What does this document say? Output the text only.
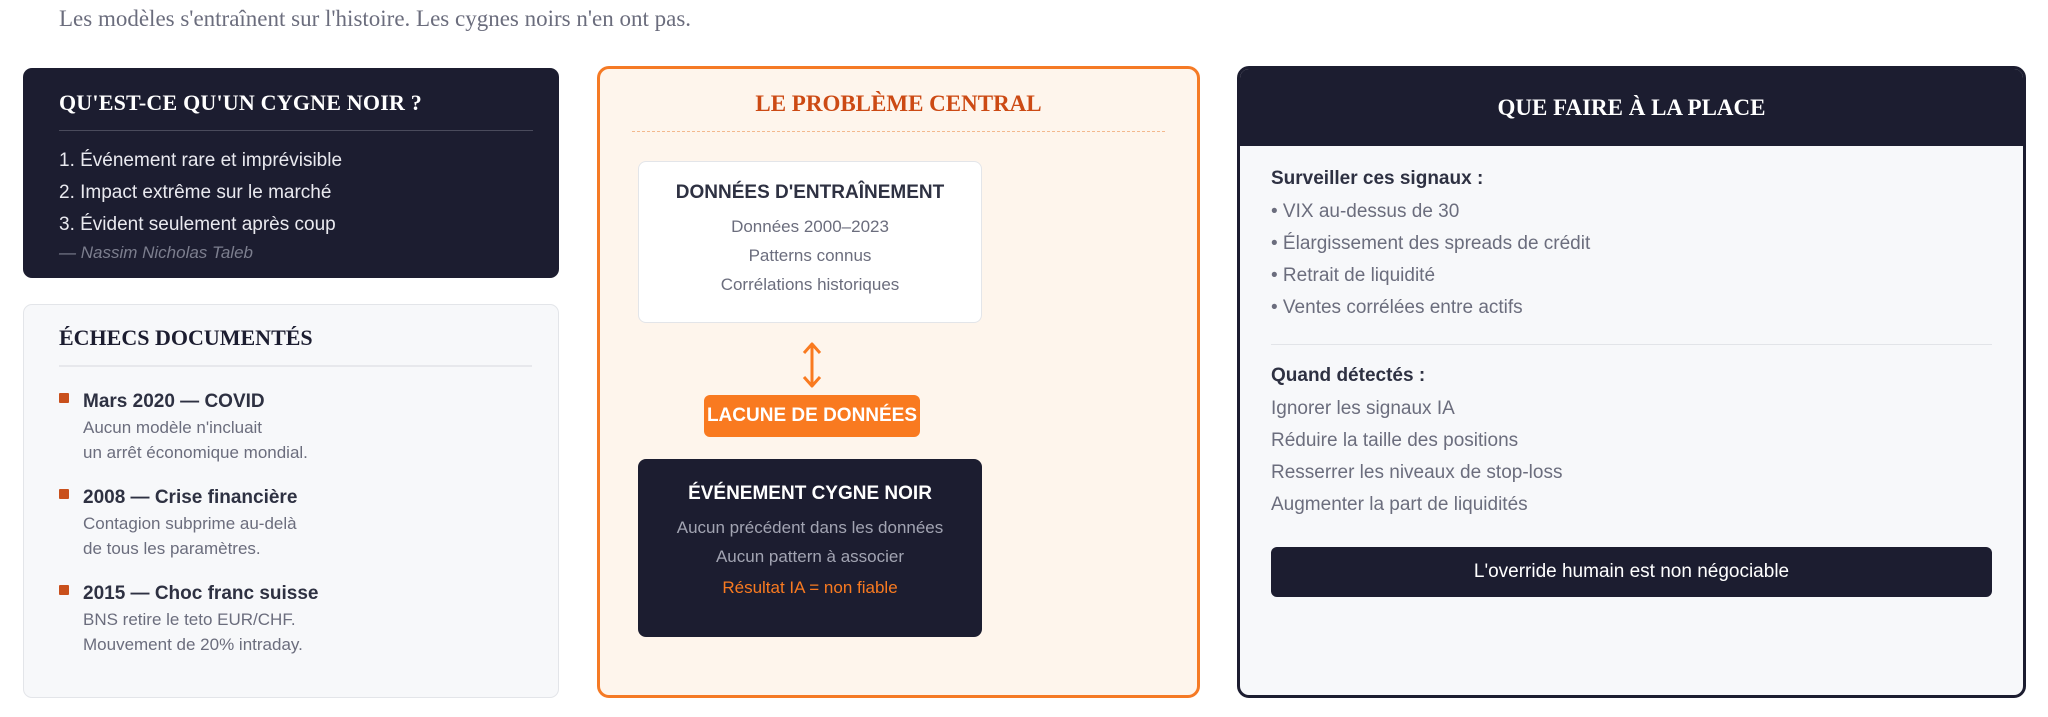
Les modèles s'entraînent sur l'histoire. Les cygnes noirs n'en ont pas.
QU'EST-CE QU'UN CYGNE NOIR ?
1. Événement rare et imprévisible
2. Impact extrême sur le marché
3. Évident seulement après coup
— Nassim Nicholas Taleb
ÉCHECS DOCUMENTÉS
Mars 2020 — COVID
Aucun modèle n'incluait
un arrêt économique mondial.
2008 — Crise financière
Contagion subprime au-delà
de tous les paramètres.
2015 — Choc franc suisse
BNS retire le teto EUR/CHF.
Mouvement de 20% intraday.
LE PROBLÈME CENTRAL
DONNÉES D'ENTRAÎNEMENT
Données 2000–2023
Patterns connus
Corrélations historiques
LACUNE DE DONNÉES
ÉVÉNEMENT CYGNE NOIR
Aucun précédent dans les données
Aucun pattern à associer
Résultat IA = non fiable
QUE FAIRE À LA PLACE
Surveiller ces signaux :
• VIX au-dessus de 30
• Élargissement des spreads de crédit
• Retrait de liquidité
• Ventes corrélées entre actifs
Quand détectés :
Ignorer les signaux IA
Réduire la taille des positions
Resserrer les niveaux de stop-loss
Augmenter la part de liquidités
L'override humain est non négociable
